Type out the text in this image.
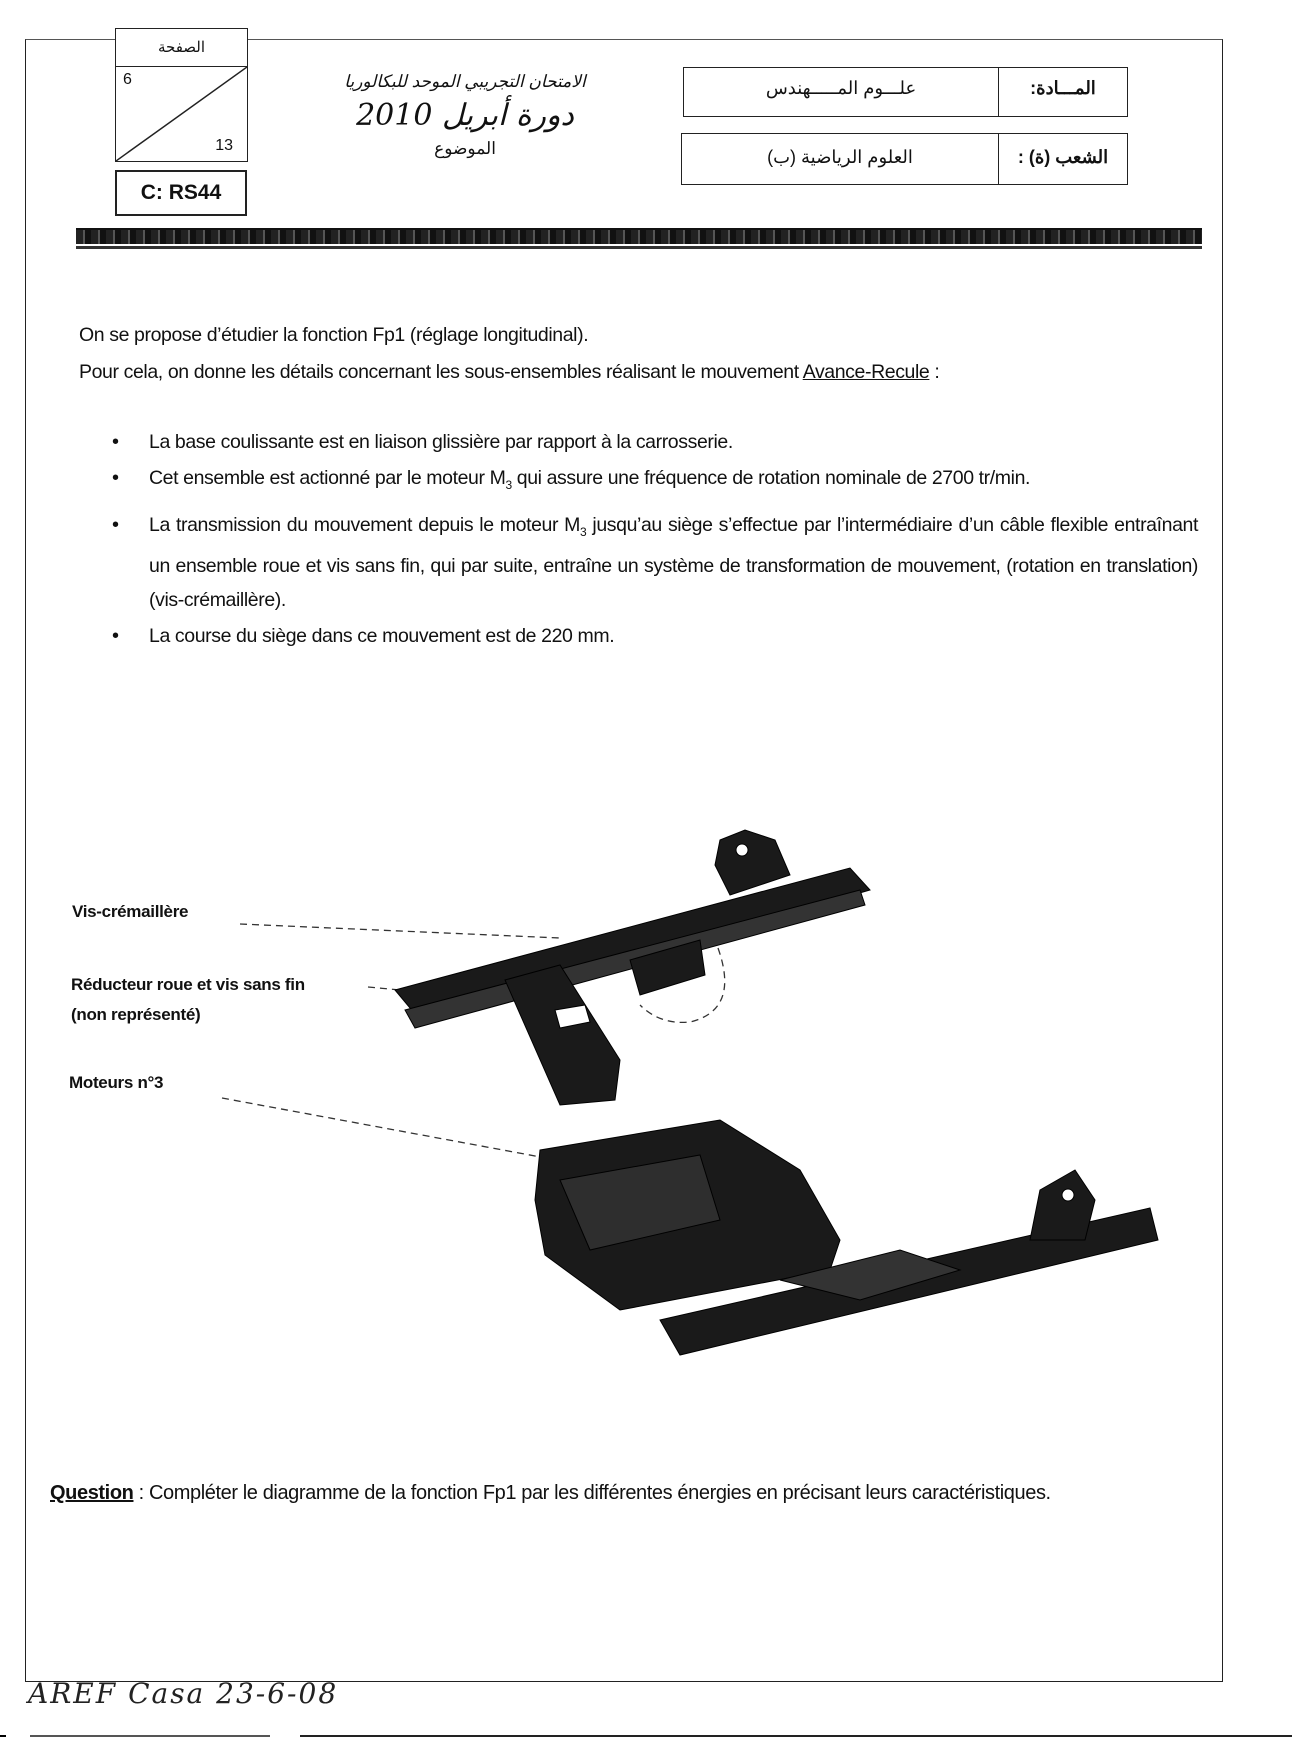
الصفحة
6
13
C: RS44
الامتحان التجريبي الموحد للبكالوريا
دورة أبريل 2010
الموضوع
المـــادة:
علـــوم المـــــهندس
الشعب (ة) :
العلوم الرياضية (ب)
On se propose d’étudier la fonction Fp1 (réglage longitudinal).
Pour cela, on donne les détails concernant les sous-ensembles réalisant le mouvement Avance-Recule :
• La base coulissante est en liaison glissière par rapport à la carrosserie.
• Cet ensemble est actionné par le moteur $M_3$ qui assure une fréquence de rotation nominale de 2700 tr/min.
• La transmission du mouvement depuis le moteur $M_3$ jusqu’au siège s’effectue par l’intermédiaire d’un câble flexible entraînant un ensemble roue et vis sans fin, qui par suite, entraîne un système de transformation de mouvement, (rotation en translation) (vis-crémaillère).
• La course du siège dans ce mouvement est de 220 mm.
Vis-crémaillère
Réducteur roue et vis sans fin
(non représenté)
Moteurs n°3
Question : Compléter le diagramme de la fonction Fp1 par les différentes énergies en précisant leurs caractéristiques.
AREF Casa 23-6-08
